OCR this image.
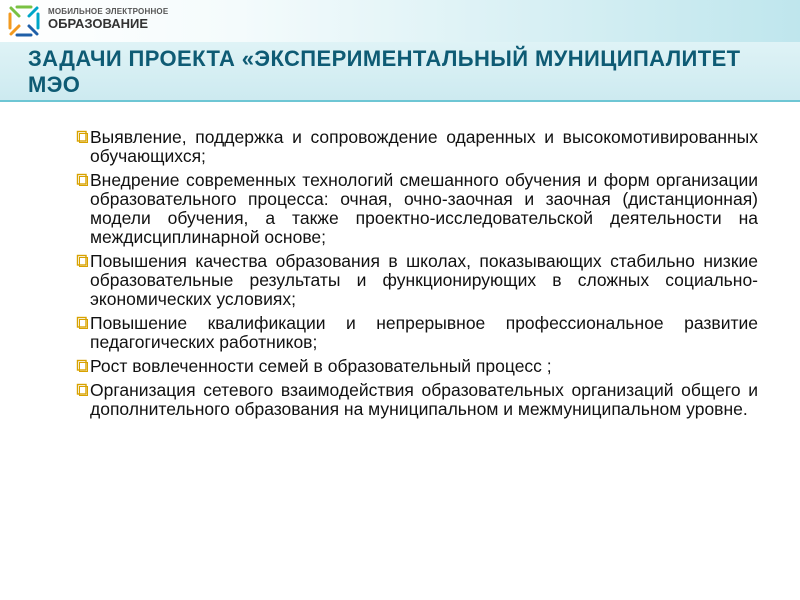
МОБИЛЬНОЕ ЭЛЕКТРОННОЕ
ОБРАЗОВАНИЕ
ЗАДАЧИ ПРОЕКТА «ЭКСПЕРИМЕНТАЛЬНЫЙ МУНИЦИПАЛИТЕТ МЭО
Выявление, поддержка и сопровождение одаренных и высокомотивированных обучающихся;
Внедрение современных технологий смешанного обучения и форм организации образовательного процесса: очная, очно-заочная и заочная (дистанционная) модели обучения, а также проектно-исследовательской деятельности на междисциплинарной основе;
Повышения качества образования в школах, показывающих стабильно низкие образовательные результаты и функционирующих в сложных социально-экономических условиях;
Повышение квалификации и непрерывное профессиональное развитие педагогических работников;
Рост вовлеченности семей в образовательный процесс ;
Организация сетевого взаимодействия образовательных организаций общего и дополнительного образования на муниципальном и межмуниципальном уровне.
